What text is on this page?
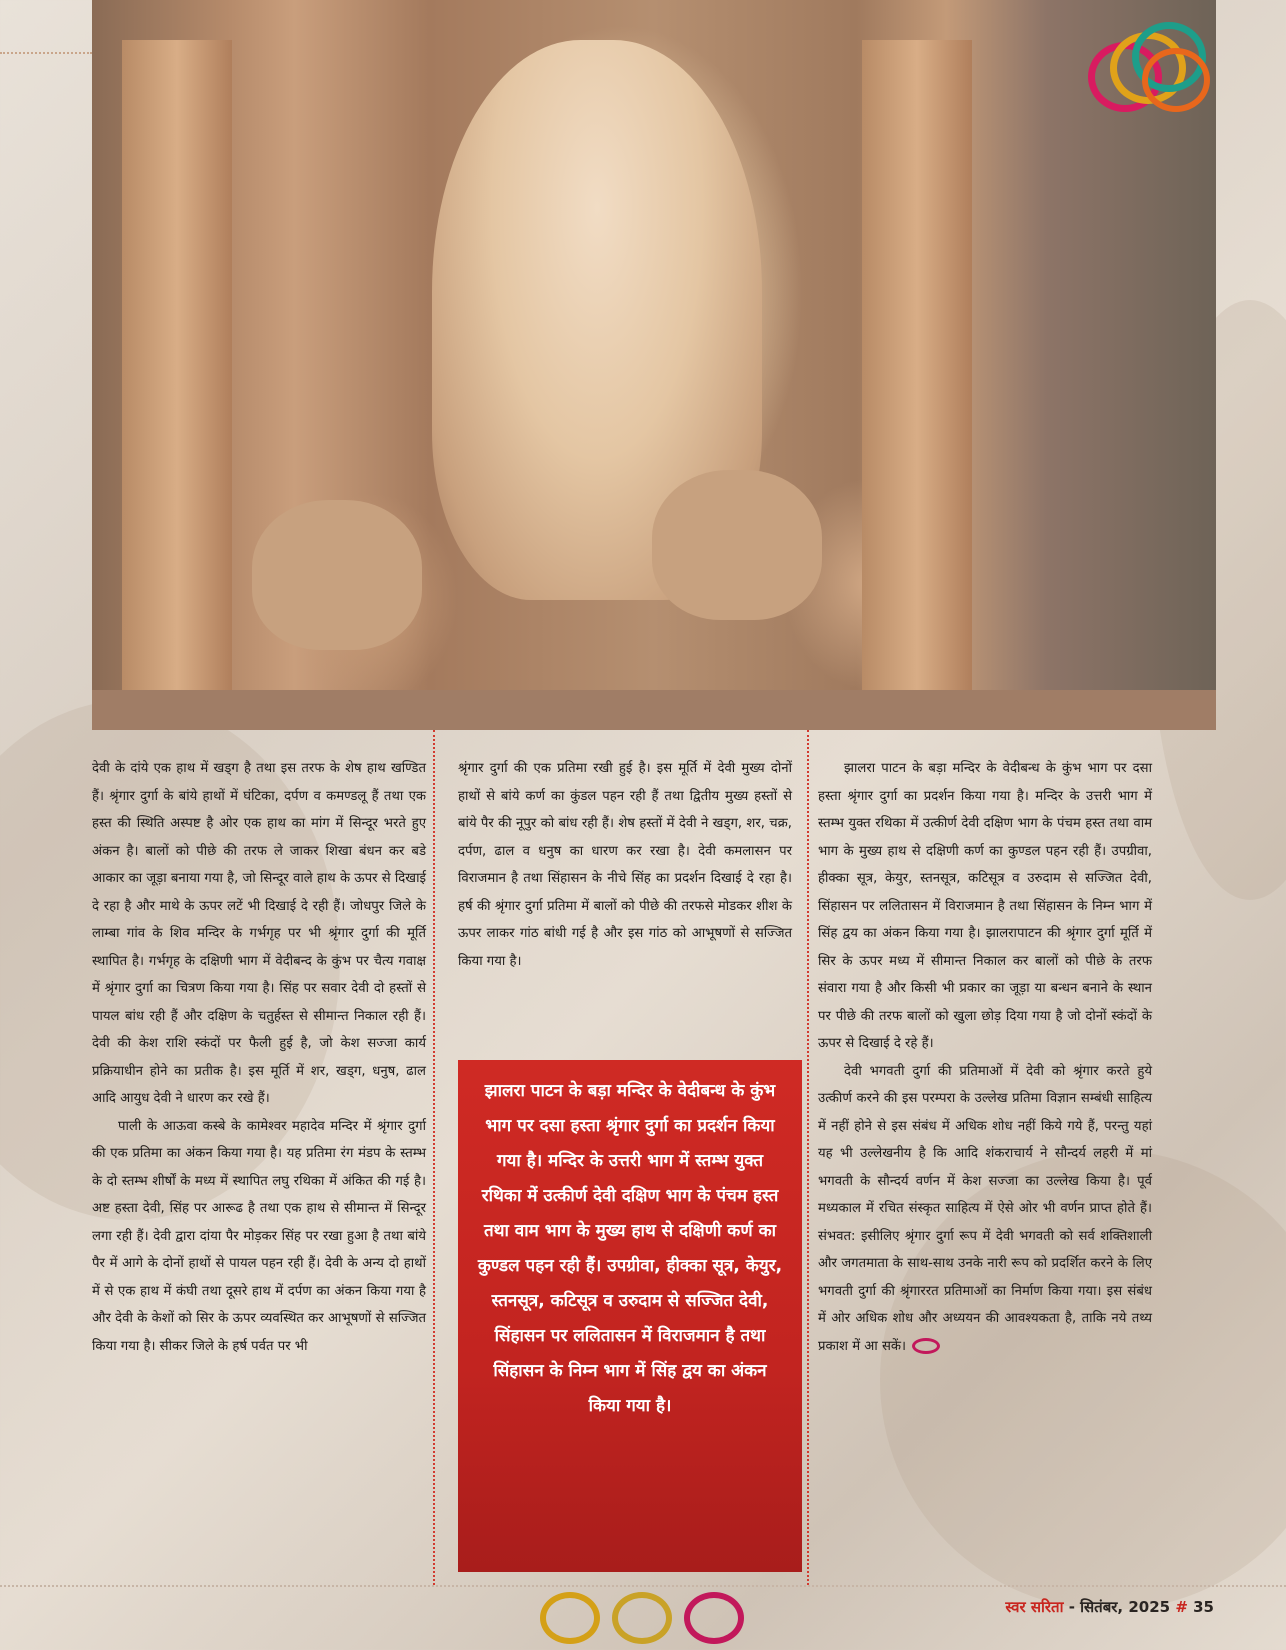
देवी के दांये एक हाथ में खड्ग है तथा इस तरफ के शेष हाथ खण्डित हैं। श्रृंगार दुर्गा के बांये हाथों में घंटिका, दर्पण व कमण्डलू हैं तथा एक हस्त की स्थिति अस्पष्ट है ओर एक हाथ का मांग में सिन्दूर भरते हुए अंकन है। बालों को पीछे की तरफ ले जाकर शिखा बंधन कर बडे आकार का जूड़ा बनाया गया है, जो सिन्दूर वाले हाथ के ऊपर से दिखाई दे रहा है और माथे के ऊपर लटें भी दिखाई दे रही हैं। जोधपुर जिले के लाम्बा गांव के शिव मन्दिर के गर्भगृह पर भी श्रृंगार दुर्गा की मूर्ति स्थापित है। गर्भगृह के दक्षिणी भाग में वेदीबन्द के कुंभ पर चैत्य गवाक्ष में श्रृंगार दुर्गा का चित्रण किया गया है। सिंह पर सवार देवी दो हस्तों से पायल बांध रही हैं और दक्षिण के चतुर्हस्त से सीमान्त निकाल रही हैं। देवी की केश राशि स्कंदों पर फैली हुई है, जो केश सज्जा कार्य प्रक्रियाधीन होने का प्रतीक है। इस मूर्ति में शर, खड्ग, धनुष, ढाल आदि आयुध देवी ने धारण कर रखे हैं।

पाली के आऊवा कस्बे के कामेश्वर महादेव मन्दिर में श्रृंगार दुर्गा की एक प्रतिमा का अंकन किया गया है। यह प्रतिमा रंग मंडप के स्तम्भ के दो स्तम्भ शीर्षों के मध्य में स्थापित लघु रथिका में अंकित की गई है। अष्ट हस्ता देवी, सिंह पर आरूढ है तथा एक हाथ से सीमान्त में सिन्दूर लगा रही हैं। देवी द्वारा दांया पैर मोड़कर सिंह पर रखा हुआ है तथा बांये पैर में आगे के दोनों हाथों से पायल पहन रही हैं। देवी के अन्य दो हाथों में से एक हाथ में कंघी तथा दूसरे हाथ में दर्पण का अंकन किया गया है और देवी के केशों को सिर के ऊपर व्यवस्थित कर आभूषणों से सज्जित किया गया है। सीकर जिले के हर्ष पर्वत पर भी

श्रृंगार दुर्गा की एक प्रतिमा रखी हुई है। इस मूर्ति में देवी मुख्य दोनों हाथों से बांये कर्ण का कुंडल पहन रही हैं तथा द्वितीय मुख्य हस्तों से बांये पैर की नूपुर को बांध रही हैं। शेष हस्तों में देवी ने खड्ग, शर, चक्र, दर्पण, ढाल व धनुष का धारण कर रखा है। देवी कमलासन पर विराजमान है तथा सिंहासन के नीचे सिंह का प्रदर्शन दिखाई दे रहा है। हर्ष की श्रृंगार दुर्गा प्रतिमा में बालों को पीछे की तरफसे मोडकर शीश के ऊपर लाकर गांठ बांधी गई है और इस गांठ को आभूषणों से सज्जित किया गया है।

झालरा पाटन के बड़ा मन्दिर के वेदीबन्ध के कुंभ भाग पर दसा हस्ता श्रृंगार दुर्गा का प्रदर्शन किया गया है। मन्दिर के उत्तरी भाग में स्तम्भ युक्त रथिका में उत्कीर्ण देवी दक्षिण भाग के पंचम हस्त तथा वाम भाग के मुख्य हाथ से दक्षिणी कर्ण का कुण्डल पहन रही हैं। उपग्रीवा, हीक्का सूत्र, केयुर, स्तनसूत्र, कटिसूत्र व उरुदाम से सज्जित देवी, सिंहासन पर ललितासन में विराजमान है तथा सिंहासन के निम्न भाग में सिंह द्वय का अंकन किया गया है।

झालरा पाटन के बड़ा मन्दिर के वेदीबन्ध के कुंभ भाग पर दसा हस्ता श्रृंगार दुर्गा का प्रदर्शन किया गया है। मन्दिर के उत्तरी भाग में स्तम्भ युक्त रथिका में उत्कीर्ण देवी दक्षिण भाग के पंचम हस्त तथा वाम भाग के मुख्य हाथ से दक्षिणी कर्ण का कुण्डल पहन रही हैं। उपग्रीवा, हीक्का सूत्र, केयुर, स्तनसूत्र, कटिसूत्र व उरुदाम से सज्जित देवी, सिंहासन पर ललितासन में विराजमान है तथा सिंहासन के निम्न भाग में सिंह द्वय का अंकन किया गया है। झालरापाटन की श्रृंगार दुर्गा मूर्ति में सिर के ऊपर मध्य में सीमान्त निकाल कर बालों को पीछे के तरफ संवारा गया है और किसी भी प्रकार का जूड़ा या बन्धन बनाने के स्थान पर पीछे की तरफ बालों को खुला छोड़ दिया गया है जो दोनों स्कंदों के ऊपर से दिखाई दे रहे हैं।

देवी भगवती दुर्गा की प्रतिमाओं में देवी को श्रृंगार करते हुये उत्कीर्ण करने की इस परम्परा के उल्लेख प्रतिमा विज्ञान सम्बंधी साहित्य में नहीं होने से इस संबंध में अधिक शोध नहीं किये गये हैं, परन्तु यहां यह भी उल्लेखनीय है कि आदि शंकराचार्य ने सौन्दर्य लहरी में मां भगवती के सौन्दर्य वर्णन में केश सज्जा का उल्लेख किया है। पूर्व मध्यकाल में रचित संस्कृत साहित्य में ऐसे ओर भी वर्णन प्राप्त होते हैं। संभवत: इसीलिए श्रृंगार दुर्गा रूप में देवी भगवती को सर्व शक्तिशाली और जगतमाता के साथ-साथ उनके नारी रूप को प्रदर्शित करने के लिए भगवती दुर्गा की श्रृंगाररत प्रतिमाओं का निर्माण किया गया। इस संबंध में ओर अधिक शोध और अध्ययन की आवश्यकता है, ताकि नये तथ्य प्रकाश में आ सकें।

स्वर सरिता - सितंबर, 2025 # 35
